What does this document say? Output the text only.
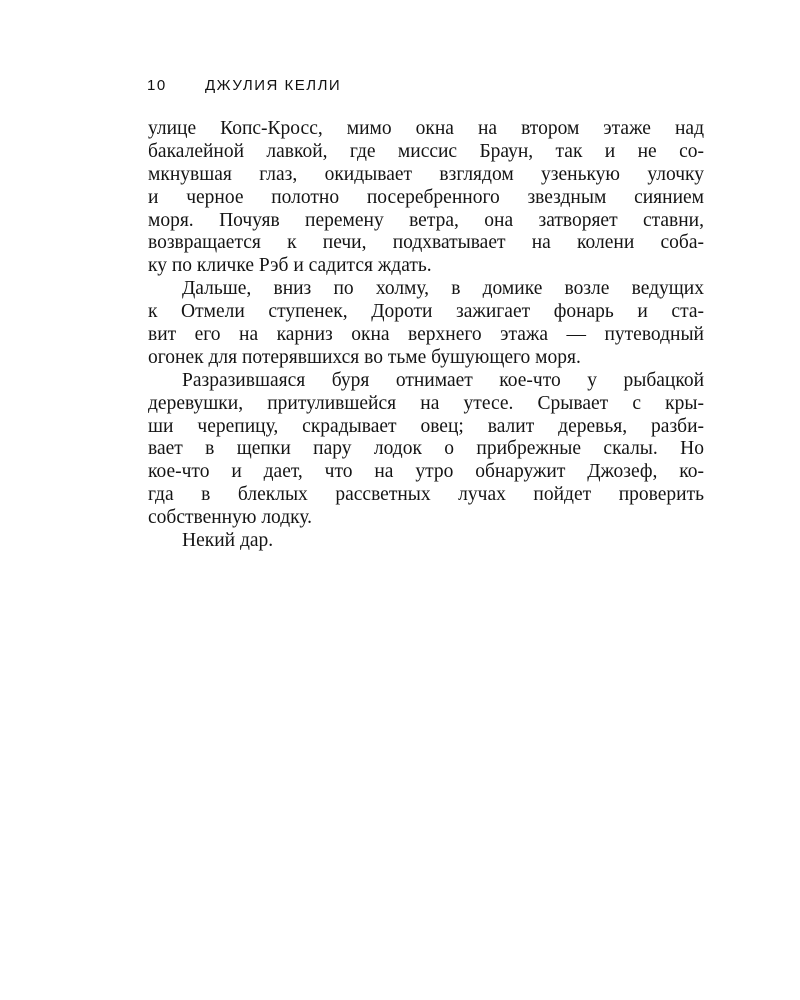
10	ДЖУЛИЯ КЕЛЛИ
улице Копс-Кросс, мимо окна на втором этаже над
бакалейной лавкой, где миссис Браун, так и не со-
мкнувшая глаз, окидывает взглядом узенькую улочку
и черное полотно посеребренного звездным сиянием
моря. Почуяв перемену ветра, она затворяет ставни,
возвращается к печи, подхватывает на колени соба-
ку по кличке Рэб и садится ждать.
Дальше, вниз по холму, в домике возле ведущих
к Отмели ступенек, Дороти зажигает фонарь и ста-
вит его на карниз окна верхнего этажа — путеводный
огонек для потерявшихся во тьме бушующего моря.
Разразившаяся буря отнимает кое-что у рыбацкой
деревушки, притулившейся на утесе. Срывает с кры-
ши черепицу, скрадывает овец; валит деревья, разби-
вает в щепки пару лодок о прибрежные скалы. Но
кое-что и дает, что на утро обнаружит Джозеф, ко-
гда в блеклых рассветных лучах пойдет проверить
собственную лодку.
Некий дар.
